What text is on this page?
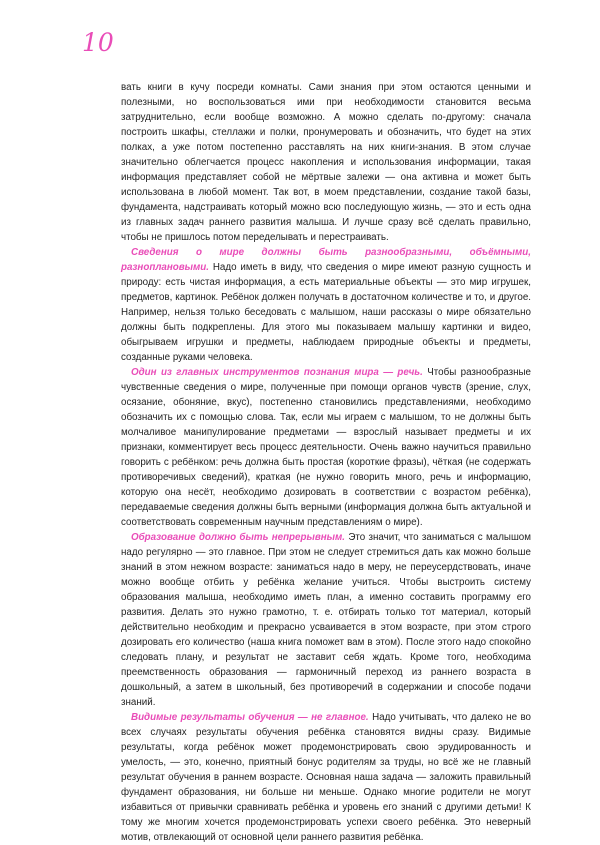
10

вать книги в кучу посреди комнаты. Сами знания при этом остаются ценными и полезными, но воспользоваться ими при необходимости становится весьма затруднительно, если вообще возможно. А можно сделать по-другому: сначала построить шкафы, стеллажи и полки, пронумеровать и обозначить, что будет на этих полках, а уже потом постепенно расставлять на них книги-знания. В этом случае значительно облегчается процесс накопления и использования информации, такая информация представляет собой не мёртвые залежи — она активна и может быть использована в любой момент. Так вот, в моем представлении, создание такой базы, фундамента, надстраивать который можно всю последующую жизнь, — это и есть одна из главных задач раннего развития малыша. И лучше сразу всё сделать правильно, чтобы не пришлось потом переделывать и перестраивать.

Сведения о мире должны быть разнообразными, объёмными, разноплановыми. Надо иметь в виду, что сведения о мире имеют разную сущность и природу: есть чистая информация, а есть материальные объекты — это мир игрушек, предметов, картинок. Ребёнок должен получать в достаточном количестве и то, и другое. Например, нельзя только беседовать с малышом, наши рассказы о мире обязательно должны быть подкреплены. Для этого мы показываем малышу картинки и видео, обыгрываем игрушки и предметы, наблюдаем природные объекты и предметы, созданные руками человека.

Один из главных инструментов познания мира — речь. Чтобы разнообразные чувственные сведения о мире, полученные при помощи органов чувств (зрение, слух, осязание, обоняние, вкус), постепенно становились представлениями, необходимо обозначить их с помощью слова. Так, если мы играем с малышом, то не должны быть молчаливое манипулирование предметами — взрослый называет предметы и их признаки, комментирует весь процесс деятельности. Очень важно научиться правильно говорить с ребёнком: речь должна быть простая (короткие фразы), чёткая (не содержать противоречивых сведений), краткая (не нужно говорить много, речь и информацию, которую она несёт, необходимо дозировать в соответствии с возрастом ребёнка), передаваемые сведения должны быть верными (информация должна быть актуальной и соответствовать современным научным представлениям о мире).

Образование должно быть непрерывным. Это значит, что заниматься с малышом надо регулярно — это главное. При этом не следует стремиться дать как можно больше знаний в этом нежном возрасте: заниматься надо в меру, не переусердствовать, иначе можно вообще отбить у ребёнка желание учиться. Чтобы выстроить систему образования малыша, необходимо иметь план, а именно составить программу его развития. Делать это нужно грамотно, т. е. отбирать только тот материал, который действительно необходим и прекрасно усваивается в этом возрасте, при этом строго дозировать его количество (наша книга поможет вам в этом). После этого надо спокойно следовать плану, и результат не заставит себя ждать. Кроме того, необходима преемственность образования — гармоничный переход из раннего возраста в дошкольный, а затем в школьный, без противоречий в содержании и способе подачи знаний.

Видимые результаты обучения — не главное. Надо учитывать, что далеко не во всех случаях результаты обучения ребёнка становятся видны сразу. Видимые результаты, когда ребёнок может продемонстрировать свою эрудированность и умелость, — это, конечно, приятный бонус родителям за труды, но всё же не главный результат обучения в раннем возрасте. Основная наша задача — заложить правильный фундамент образования, ни больше ни меньше. Однако многие родители не могут избавиться от привычки сравнивать ребёнка и уровень его знаний с другими детьми! К тому же многим хочется продемонстрировать успехи своего ребёнка. Это неверный мотив, отвлекающий от основной цели раннего развития ребёнка.
